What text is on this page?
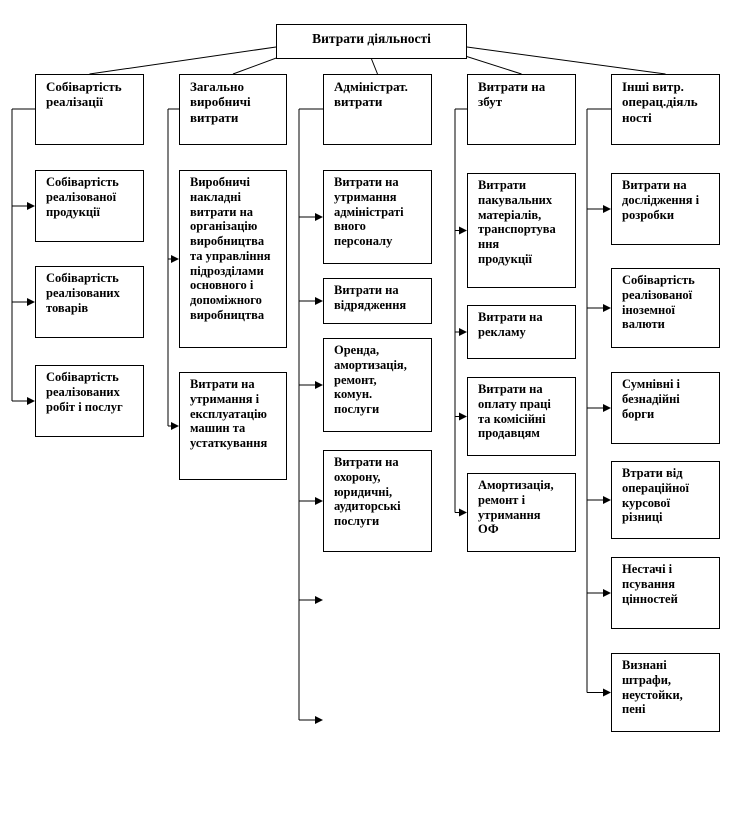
Витрати діяльності
Собівартість
реалізації
Собівартість
реалізованої
продукції
Собівартість
реалізованих
товарів
Собівартість
реалізованих
робіт і послуг
Загально
виробничі
витрати
Виробничі
накладні
витрати на
організацію
виробництва
та управління
підрозділами
основного і
допоміжного
виробництва
Витрати на
утримання і
експлуатацію
машин та
устаткування
Адміністрат.
витрати
Витрати на
утримання
адміністраті
вного
персоналу
Витрати на
відрядження
Оренда,
амортизація,
ремонт,
комун.
послуги
Витрати на
охорону,
юридичні,
аудиторські
послуги
Витрати на
збут
Витрати
пакувальних
матеріалів,
транспортува
ння
продукції
Витрати на
рекламу
Витрати на
оплату праці
та комісійні
продавцям
Амортизація,
ремонт і
утримання
ОФ
Інші витр.
операц.діяль
ності
Витрати на
дослідження і
розробки
Собівартість
реалізованої
іноземної
валюти
Сумнівні і
безнадійні
борги
Втрати від
операційної
курсової
різниці
Нестачі і
псування
цінностей
Визнані
штрафи,
неустойки,
пені
